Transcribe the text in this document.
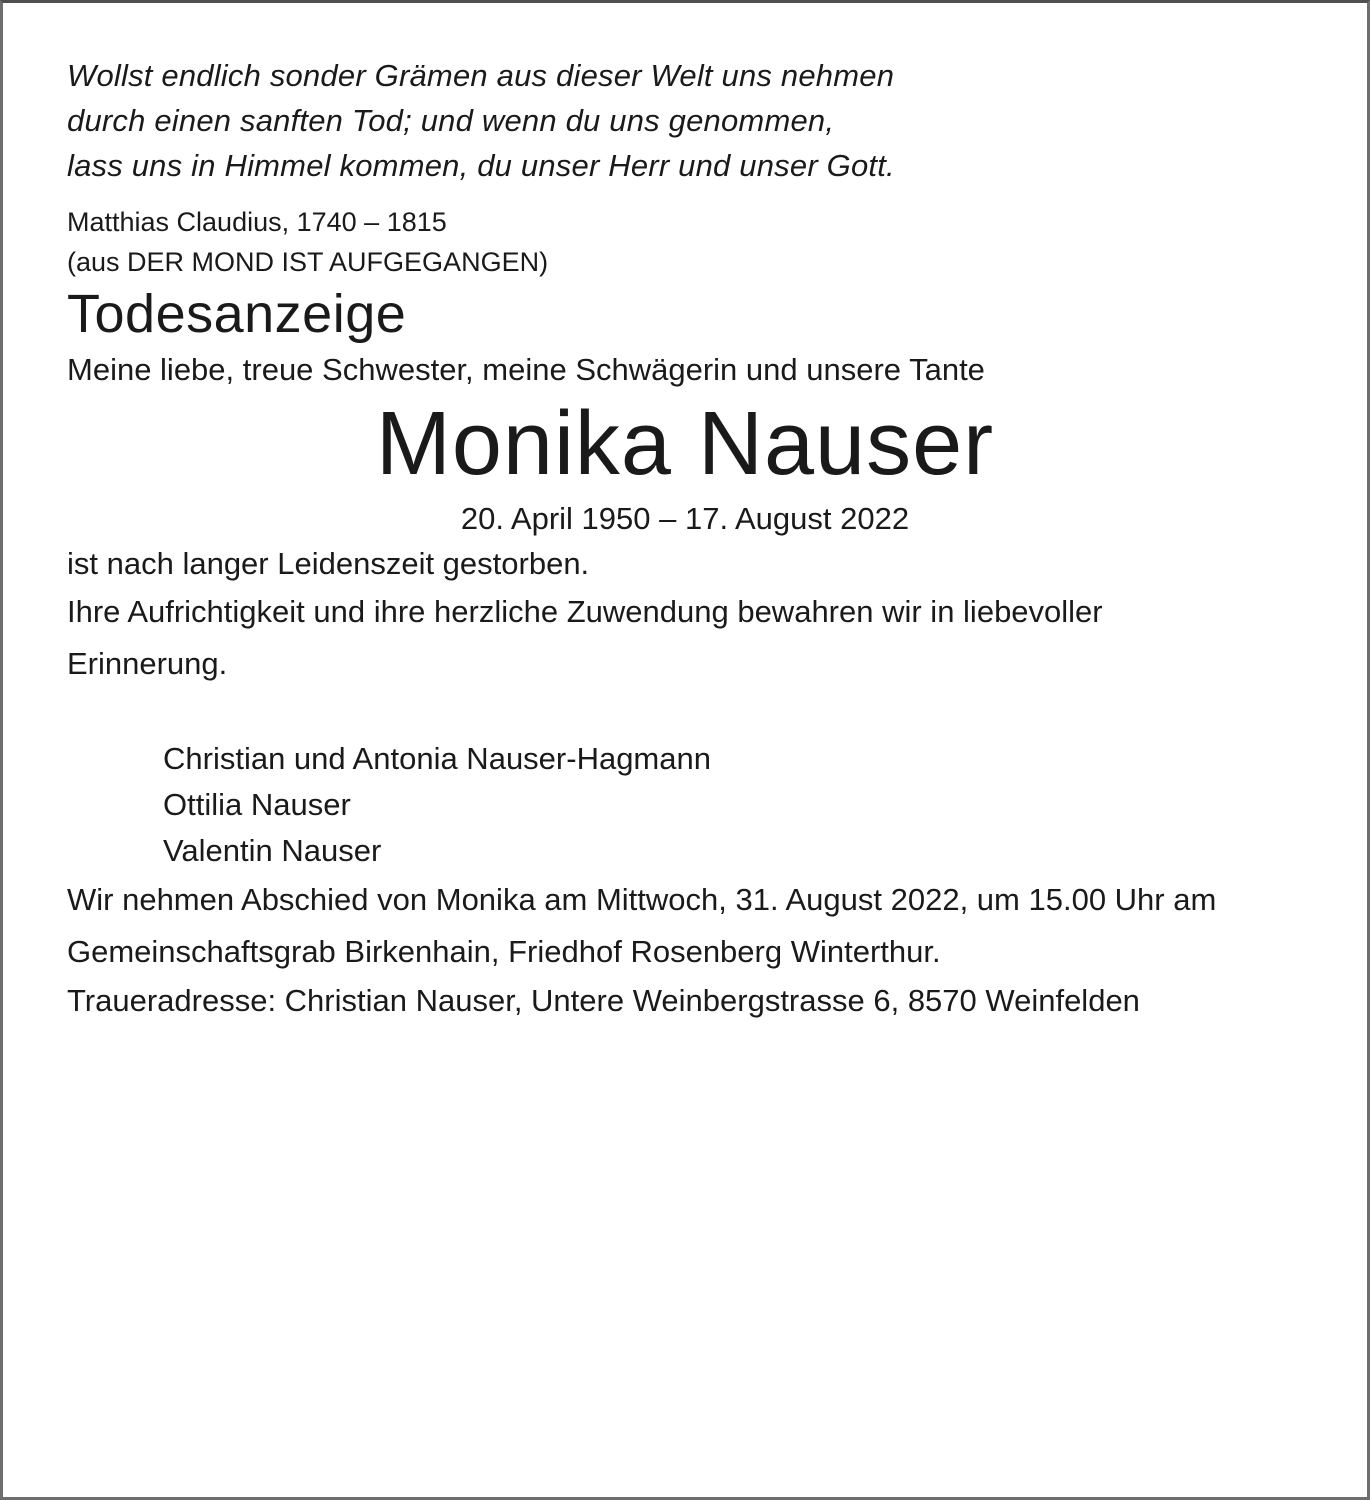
Wollst endlich sonder Grämen aus dieser Welt uns nehmen

durch einen sanften Tod; und wenn du uns genommen,

lass uns in Himmel kommen, du unser Herr und unser Gott.

Matthias Claudius, 1740 – 1815

(aus DER MOND IST AUFGEGANGEN)

Todesanzeige

Meine liebe, treue Schwester, meine Schwägerin und unsere Tante

Monika Nauser

20. April 1950 – 17. August 2022

ist nach langer Leidenszeit gestorben.

Ihre Aufrichtigkeit und ihre herzliche Zuwendung bewahren wir in liebevoller Erinnerung.

Christian und Antonia Nauser-Hagmann

Ottilia Nauser

Valentin Nauser

Wir nehmen Abschied von Monika am Mittwoch, 31. August 2022, um 15.00 Uhr am Gemeinschaftsgrab Birkenhain, Friedhof Rosenberg Winterthur.

Traueradresse: Christian Nauser, Untere Weinbergstrasse 6, 8570 Weinfelden
